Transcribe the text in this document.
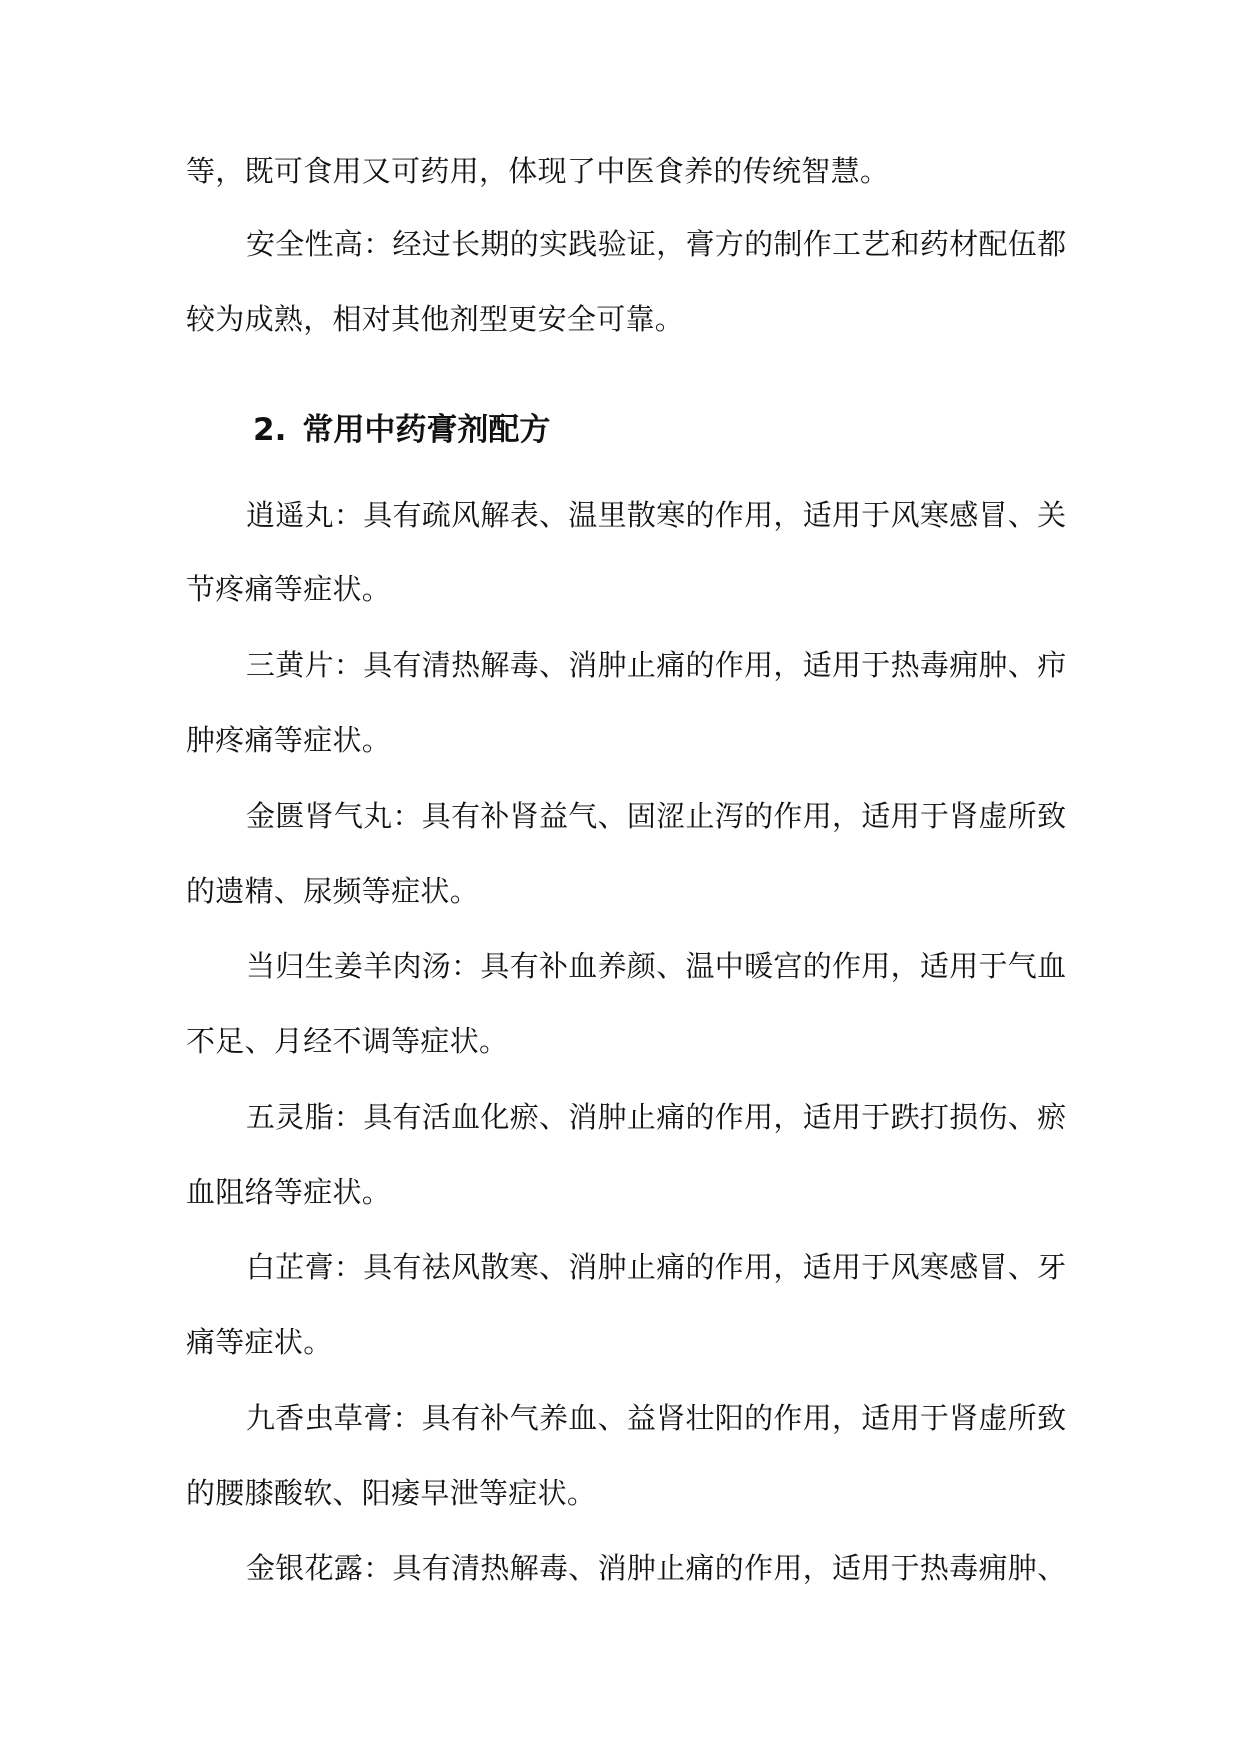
等，既可食用又可药用，体现了中医食养的传统智慧。
安全性高：经过长期的实践验证，膏方的制作工艺和药材配伍都
较为成熟，相对其他剂型更安全可靠。
2. 常用中药膏剂配方
逍遥丸：具有疏风解表、温里散寒的作用，适用于风寒感冒、关
节疼痛等症状。
三黄片：具有清热解毒、消肿止痛的作用，适用于热毒痈肿、疖
肿疼痛等症状。
金匮肾气丸：具有补肾益气、固涩止泻的作用，适用于肾虚所致
的遗精、尿频等症状。
当归生姜羊肉汤：具有补血养颜、温中暖宫的作用，适用于气血
不足、月经不调等症状。
五灵脂：具有活血化瘀、消肿止痛的作用，适用于跌打损伤、瘀
血阻络等症状。
白芷膏：具有祛风散寒、消肿止痛的作用，适用于风寒感冒、牙
痛等症状。
九香虫草膏：具有补气养血、益肾壮阳的作用，适用于肾虚所致
的腰膝酸软、阳痿早泄等症状。
金银花露：具有清热解毒、消肿止痛的作用，适用于热毒痈肿、
